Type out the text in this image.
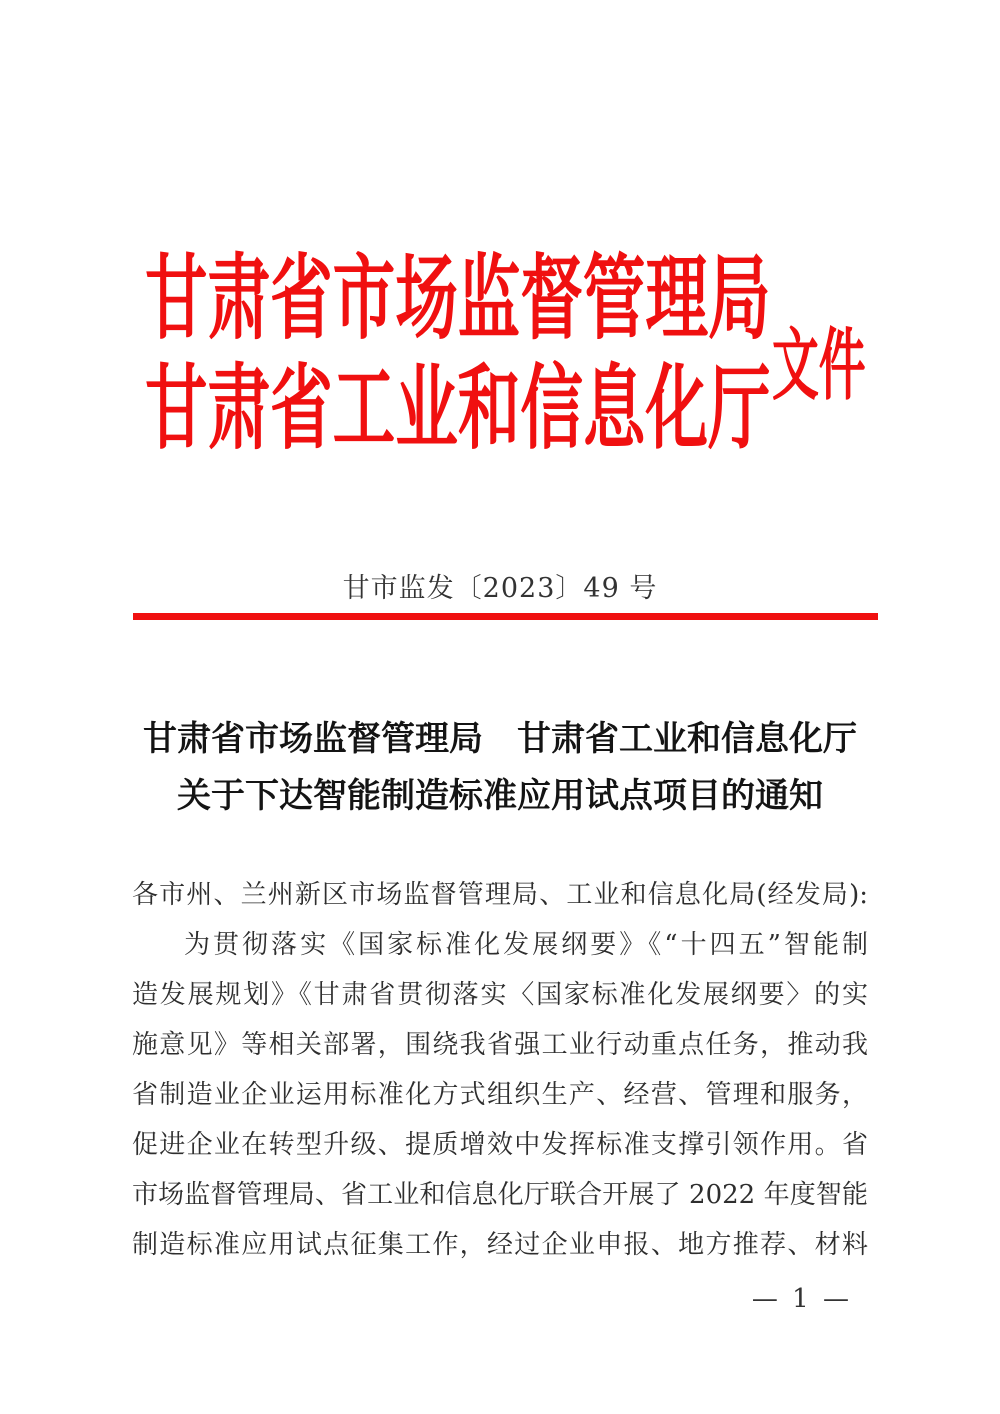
甘肃省市场监督管理局
甘肃省工业和信息化厅 文件
甘市监发〔2023〕49 号
甘肃省市场监督管理局　甘肃省工业和信息化厅
关于下达智能制造标准应用试点项目的通知
各市州、兰州新区市场监督管理局、工业和信息化局(经发局):
为贯彻落实《国家标准化发展纲要》《“十四五”智能制
造发展规划》《甘肃省贯彻落实〈国家标准化发展纲要〉的实
施意见》等相关部署，围绕我省强工业行动重点任务，推动我
省制造业企业运用标准化方式组织生产、经营、管理和服务，
促进企业在转型升级、提质增效中发挥标准支撑引领作用。省
市场监督管理局、省工业和信息化厅联合开展了 2022 年度智能
制造标准应用试点征集工作，经过企业申报、地方推荐、材料
— 1 —
